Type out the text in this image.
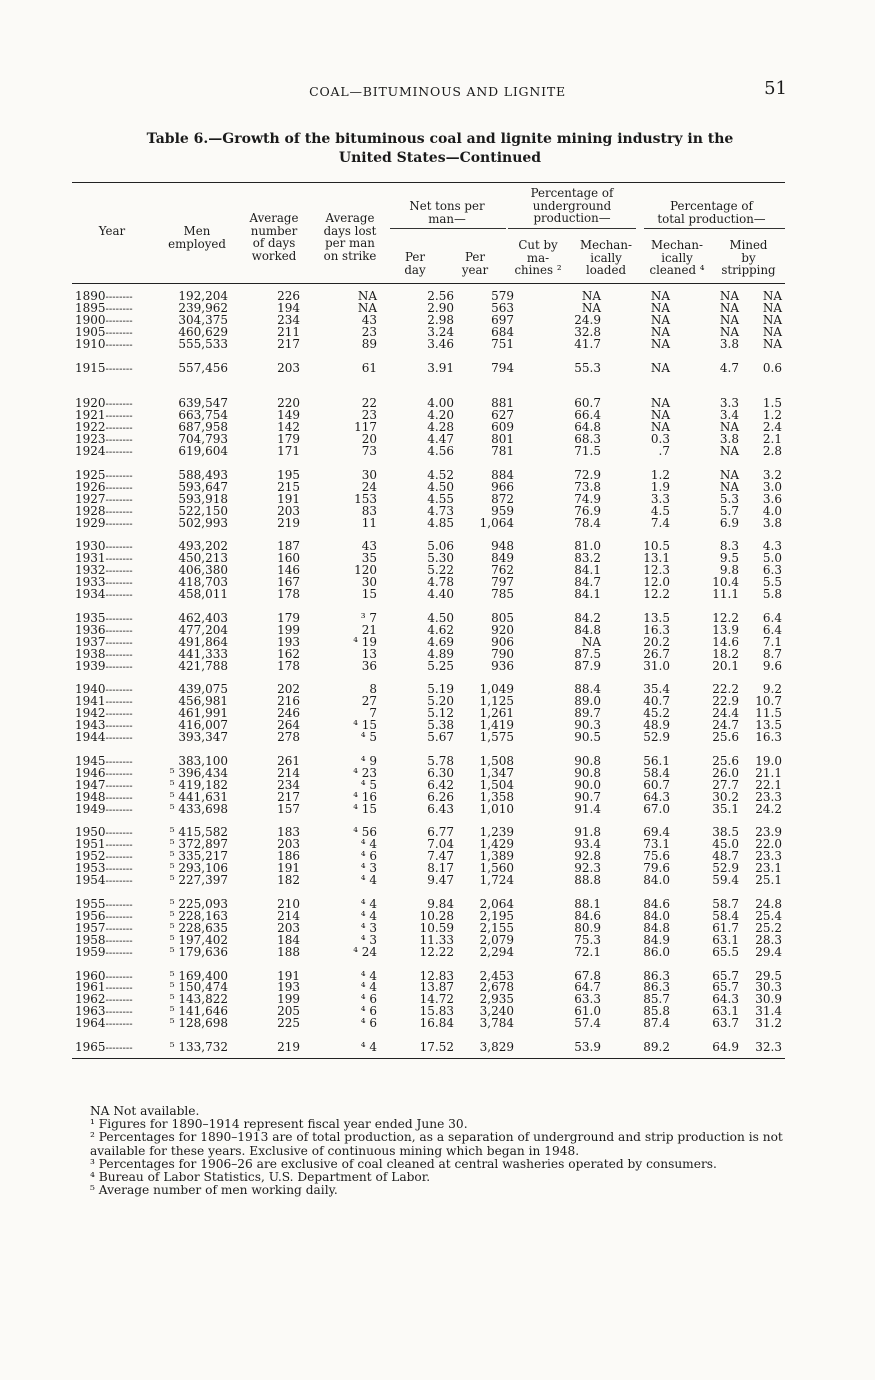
COAL—BITUMINOUS AND LIGNITE	51
Table 6.—Growth of the bituminous coal and lignite mining industry in the
United States—Continued
Year	Men
employed
Average
number
of days
worked
Average
days lost
per man
on strike
Net tons per
man—
Per
day
Per
year
Percentage of
underground
production—
Cut by
ma-
chines ²
Mechan-
ically
loaded
Percentage of
total production—
Mechan-
ically
cleaned ⁴
Mined
by
stripping
1890--------	192,204	226	NA	2.56	579	NA	NA	NA NA
1895--------	239,962	194	NA	2.90	563	NA	NA	NA NA
1900--------	304,375	234	43	2.98	697	24.9	NA	NA NA
1905--------	460,629	211	23	3.24	684	32.8	NA	NA NA
1910--------	555,533	217	89	3.46	751	41.7	NA	3.8 NA
1915--------	557,456	203	61	3.91	794	55.3	NA	4.7 0.6
1920--------	639,547	220	22	4.00	881	60.7	NA	3.3 1.5
1921--------	663,754	149	23	4.20	627	66.4	NA	3.4 1.2
1922--------	687,958	142	117	4.28	609	64.8	NA	NA 2.4
1923--------	704,793	179	20	4.47	801	68.3	0.3	3.8 2.1
1924--------	619,604	171	73	4.56	781	71.5	.7	NA 2.8
1925--------	588,493	195	30	4.52	884	72.9	1.2	NA 3.2
1926--------	593,647	215	24	4.50	966	73.8	1.9	NA 3.0
1927--------	593,918	191	153	4.55	872	74.9	3.3	5.3 3.6
1928--------	522,150	203	83	4.73	959	76.9	4.5	5.7 4.0
1929--------	502,993	219	11	4.85 1,064	78.4	7.4	6.9 3.8
1930--------	493,202	187	43	5.06	948	81.0	10.5	8.3 4.3
1931--------	450,213	160	35	5.30	849	83.2	13.1	9.5 5.0
1932--------	406,380	146	120	5.22	762	84.1	12.3	9.8 6.3
1933--------	418,703	167	30	4.78	797	84.7	12.0	10.4 5.5
1934--------	458,011	178	15	4.40	785	84.1	12.2	11.1 5.8
1935--------	462,403	179	³ 7	4.50	805	84.2	13.5	12.2 6.4
1936--------	477,204	199	21	4.62	920	84.8	16.3	13.9 6.4
1937--------	491,864	193	⁴ 19	4.69	906	NA	20.2	14.6 7.1
1938--------	441,333	162	13	4.89	790	87.5	26.7	18.2 8.7
1939--------	421,788	178	36	5.25	936	87.9	31.0	20.1 9.6
1940--------	439,075	202	8	5.19 1,049	88.4	35.4	22.2 9.2
1941--------	456,981	216	27	5.20 1,125	89.0	40.7	22.9 10.7
1942--------	461,991	246	7	5.12 1,261	89.7	45.2	24.4 11.5
1943--------	416,007	264	⁴ 15	5.38 1,419	90.3	48.9	24.7 13.5
1944--------	393,347	278	⁴ 5	5.67 1,575	90.5	52.9	25.6 16.3
1945--------	383,100	261	⁴ 9	5.78 1,508	90.8	56.1	25.6 19.0
1946--------	⁵ 396,434	214	⁴ 23	6.30 1,347	90.8	58.4	26.0 21.1
1947--------	⁵ 419,182	234	⁴ 5	6.42 1,504	90.0	60.7	27.7 22.1
1948--------	⁵ 441,631	217	⁴ 16	6.26 1,358	90.7	64.3	30.2 23.3
1949--------	⁵ 433,698	157	⁴ 15	6.43 1,010	91.4	67.0	35.1 24.2
1950--------	⁵ 415,582	183	⁴ 56	6.77 1,239	91.8	69.4	38.5 23.9
1951--------	⁵ 372,897	203	⁴ 4	7.04 1,429	93.4	73.1	45.0 22.0
1952--------	⁵ 335,217	186	⁴ 6	7.47 1,389	92.8	75.6	48.7 23.3
1953--------	⁵ 293,106	191	⁴ 3	8.17 1,560	92.3	79.6	52.9 23.1
1954--------	⁵ 227,397	182	⁴ 4	9.47 1,724	88.8	84.0	59.4 25.1
1955--------	⁵ 225,093	210	⁴ 4	9.84 2,064	88.1	84.6	58.7 24.8
1956--------	⁵ 228,163	214	⁴ 4	10.28 2,195	84.6	84.0	58.4 25.4
1957--------	⁵ 228,635	203	⁴ 3	10.59 2,155	80.9	84.8	61.7 25.2
1958--------	⁵ 197,402	184	⁴ 3	11.33 2,079	75.3	84.9	63.1 28.3
1959--------	⁵ 179,636	188	⁴ 24	12.22 2,294	72.1	86.0	65.5 29.4
1960--------	⁵ 169,400	191	⁴ 4	12.83 2,453	67.8	86.3	65.7 29.5
1961--------	⁵ 150,474	193	⁴ 4	13.87 2,678	64.7	86.3	65.7 30.3
1962--------	⁵ 143,822	199	⁴ 6	14.72 2,935	63.3	85.7	64.3 30.9
1963--------	⁵ 141,646	205	⁴ 6	15.83 3,240	61.0	85.8	63.1 31.4
1964--------	⁵ 128,698	225	⁴ 6	16.84 3,784	57.4	87.4	63.7 31.2
1965--------	⁵ 133,732	219	⁴ 4	17.52 3,829	53.9	89.2	64.9 32.3
NA Not available.
¹ Figures for 1890–1914 represent fiscal year ended June 30.
² Percentages for 1890–1913 are of total production, as a separation of underground and strip production is not available for these years. Exclusive of continuous mining which began in 1948.
³ Percentages for 1906–26 are exclusive of coal cleaned at central washeries operated by consumers.
⁴ Bureau of Labor Statistics, U.S. Department of Labor.
⁵ Average number of men working daily.
